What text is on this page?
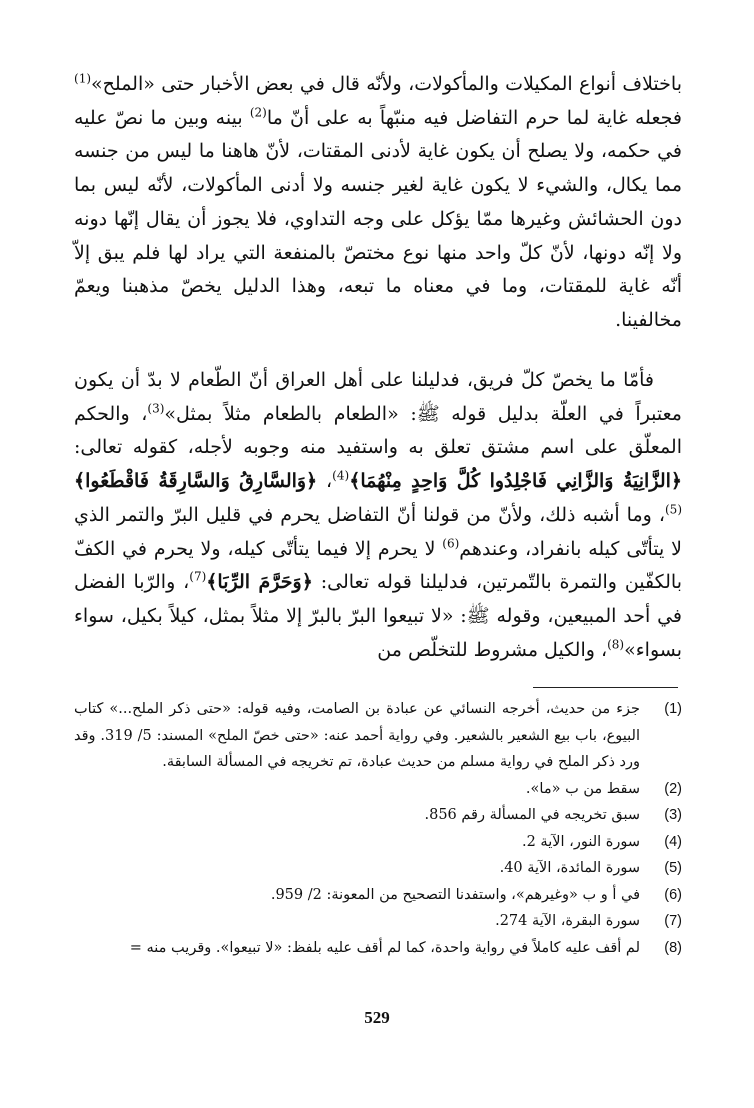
باختلاف أنواع المكيلات والمأكولات، ولأنّه قال في بعض الأخبار حتى «الملح»$^{(1)}$ فجعله غاية لما حرم التفاضل فيه منبّهاً به على أنّ ما$^{(2)}$ بينه وبين ما نصّ عليه في حكمه، ولا يصلح أن يكون غاية لأدنى المقتات، لأنّ هاهنا ما ليس من جنسه مما يكال، والشيء لا يكون غاية لغير جنسه ولا أدنى المأكولات، لأنّه ليس بما دون الحشائش وغيرها ممّا يؤكل على وجه التداوي، فلا يجوز أن يقال إنّها دونه ولا إنّه دونها، لأنّ كلّ واحد منها نوع مختصّ بالمنفعة التي يراد لها فلم يبق إلاّ أنّه غاية للمقتات، وما في معناه ما تبعه، وهذا الدليل يخصّ مذهبنا ويعمّ مخالفينا.

فأمّا ما يخصّ كلّ فريق، فدليلنا على أهل العراق أنّ الطّعام لا بدّ أن يكون معتبراً في العلّة بدليل قوله ﷺ: «الطعام بالطعام مثلاً بمثل»$^{(3)}$، والحكم المعلّق على اسم مشتق تعلق به واستفيد منه وجوبه لأجله، كقوله تعالى: ﴿الزَّانِيَةُ وَالزَّانِي فَاجْلِدُوا كُلَّ وَاحِدٍ مِنْهُمَا﴾$^{(4)}$، ﴿وَالسَّارِقُ وَالسَّارِقَةُ فَاقْطَعُوا﴾$^{(5)}$، وما أشبه ذلك، ولأنّ من قولنا أنّ التفاضل يحرم في قليل البرّ والتمر الذي لا يتأتّى كيله بانفراد، وعندهم$^{(6)}$ لا يحرم إلا فيما يتأتّى كيله، ولا يحرم في الكفّ بالكفّين والتمرة بالتّمرتين، فدليلنا قوله تعالى: ﴿وَحَرَّمَ الرِّبَا﴾$^{(7)}$، والرّبا الفضل في أحد المبيعين، وقوله ﷺ: «لا تبيعوا البرّ بالبرّ إلا مثلاً بمثل، كيلاً بكيل، سواء بسواء»$^{(8)}$، والكيل مشروط للتخلّص من

(1)
جزء من حديث، أخرجه النسائي عن عبادة بن الصامت، وفيه قوله: «حتى ذكر الملح...» كتاب البيوع، باب بيع الشعير بالشعير. وفي رواية أحمد عنه: «حتى خصّ الملح» المسند: 5/ 319. وقد ورد ذكر الملح في رواية مسلم من حديث عبادة، تم تخريجه في المسألة السابقة.
(2)
سقط من ب «ما».
(3)
سبق تخريجه في المسألة رقم 856.
(4)
سورة النور، الآية 2.
(5)
سورة المائدة، الآية 40.
(6)
في أ و ب «وغيرهم»، واستفدنا التصحيح من المعونة: 2/ 959.
(7)
سورة البقرة، الآية 274.
(8)
لم أقف عليه كاملاً في رواية واحدة، كما لم أقف عليه بلفظ: «لا تبيعوا». وقريب منه =
529
